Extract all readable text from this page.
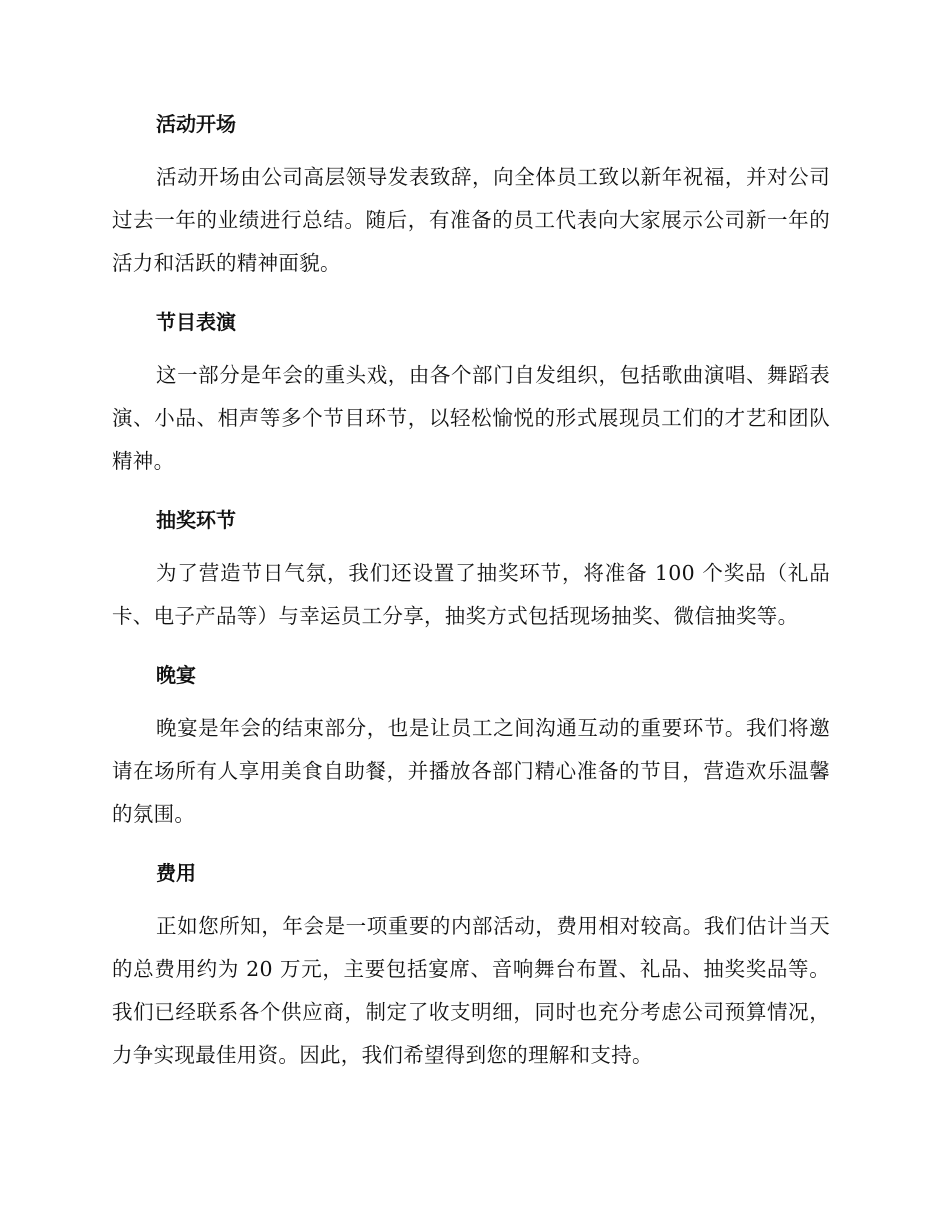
活动开场

活动开场由公司高层领导发表致辞，向全体员工致以新年祝福，并对公司过去一年的业绩进行总结。随后，有准备的员工代表向大家展示公司新一年的活力和活跃的精神面貌。

节目表演

这一部分是年会的重头戏，由各个部门自发组织，包括歌曲演唱、舞蹈表演、小品、相声等多个节目环节，以轻松愉悦的形式展现员工们的才艺和团队精神。

抽奖环节

为了营造节日气氛，我们还设置了抽奖环节，将准备 100 个奖品（礼品卡、电子产品等）与幸运员工分享，抽奖方式包括现场抽奖、微信抽奖等。

晚宴

晚宴是年会的结束部分，也是让员工之间沟通互动的重要环节。我们将邀请在场所有人享用美食自助餐，并播放各部门精心准备的节目，营造欢乐温馨的氛围。

费用

正如您所知，年会是一项重要的内部活动，费用相对较高。我们估计当天的总费用约为 20 万元，主要包括宴席、音响舞台布置、礼品、抽奖奖品等。我们已经联系各个供应商，制定了收支明细，同时也充分考虑公司预算情况，力争实现最佳用资。因此，我们希望得到您的理解和支持。
